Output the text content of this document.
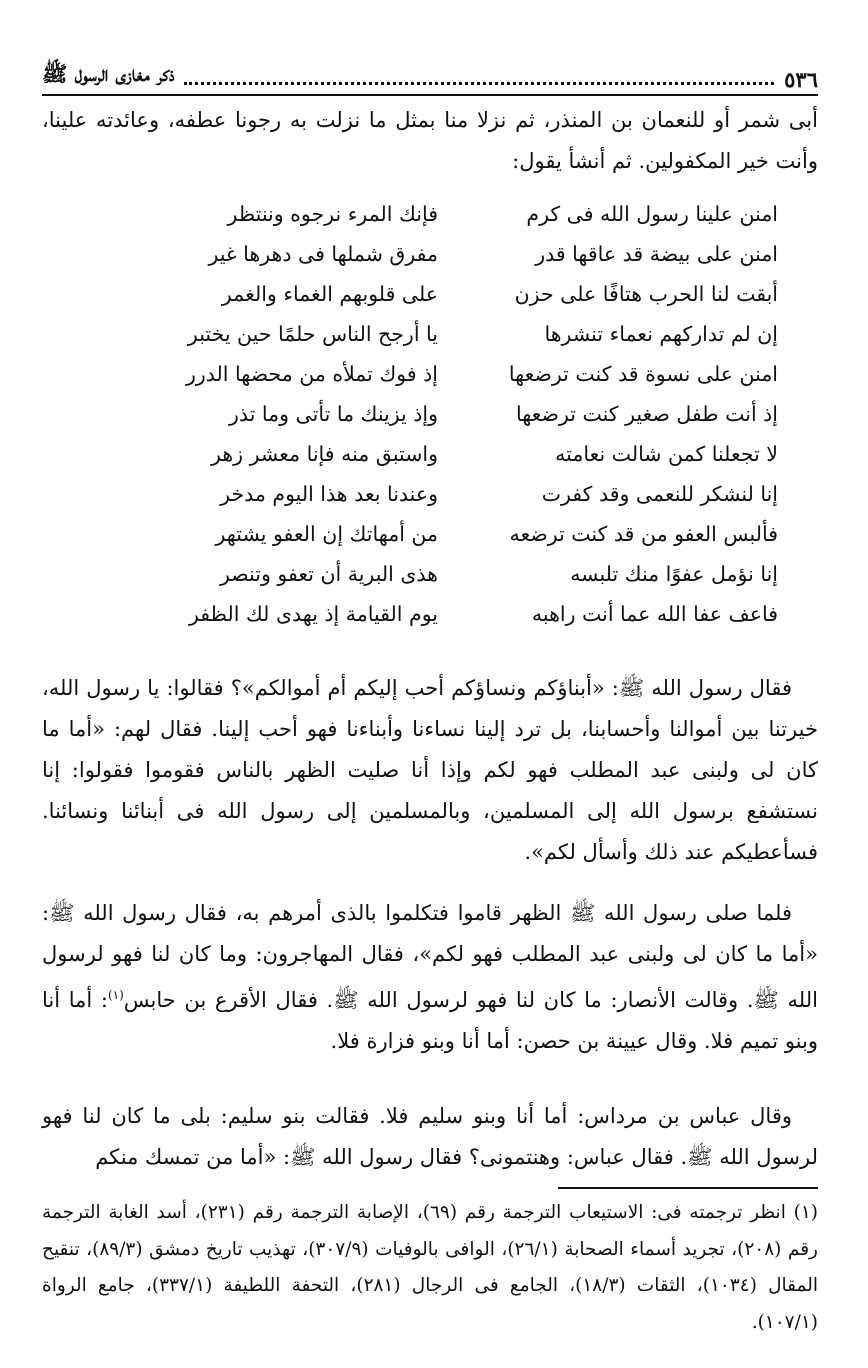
٥٣٦
ذكر مغازى الرسول ﷺ

أبى شمر أو للنعمان بن المنذر، ثم نزلا منا بمثل ما نزلت به رجونا عطفه، وعائدته علينا، وأنت خير المكفولين. ثم أنشأ يقول:

امنن علينا رسول الله فى كرم
فإنك المرء نرجوه وننتظر
امنن على بيضة قد عاقها قدر
مفرق شملها فى دهرها غير
أبقت لنا الحرب هتافًا على حزن
على قلوبهم الغماء والغمر
إن لم تداركهم نعماء تنشرها
يا أرجح الناس حلمًا حين يختبر
امنن على نسوة قد كنت ترضعها
إذ فوك تملأه من محضها الدرر
إذ أنت طفل صغير كنت ترضعها
وإذ يزينك ما تأتى وما تذر
لا تجعلنا كمن شالت نعامته
واستبق منه فإنا معشر زهر
إنا لنشكر للنعمى وقد كفرت
وعندنا بعد هذا اليوم مدخر
فألبس العفو من قد كنت ترضعه
من أمهاتك إن العفو يشتهر
إنا نؤمل عفوًا منك تلبسه
هذى البرية أن تعفو وتنصر
فاعف عفا الله عما أنت راهبه
يوم القيامة إذ يهدى لك الظفر

فقال رسول الله ﷺ: «أبناؤكم ونساؤكم أحب إليكم أم أموالكم»؟ فقالوا: يا رسول الله، خيرتنا بين أموالنا وأحسابنا، بل ترد إلينا نساءنا وأبناءنا فهو أحب إلينا. فقال لهم: «أما ما كان لى ولبنى عبد المطلب فهو لكم وإذا أنا صليت الظهر بالناس فقوموا فقولوا: إنا نستشفع برسول الله إلى المسلمين، وبالمسلمين إلى رسول الله فى أبنائنا ونسائنا. فسأعطيكم عند ذلك وأسأل لكم».

فلما صلى رسول الله ﷺ الظهر قاموا فتكلموا بالذى أمرهم به، فقال رسول الله ﷺ: «أما ما كان لى ولبنى عبد المطلب فهو لكم»، فقال المهاجرون: وما كان لنا فهو لرسول الله ﷺ. وقالت الأنصار: ما كان لنا فهو لرسول الله ﷺ. فقال الأقرع بن حابس$^{(١)}$: أما أنا وبنو تميم فلا. وقال عيينة بن حصن: أما أنا وبنو فزارة فلا.

وقال عباس بن مرداس: أما أنا وبنو سليم فلا. فقالت بنو سليم: بلى ما كان لنا فهو لرسول الله ﷺ. فقال عباس: وهنتمونى؟ فقال رسول الله ﷺ: «أما من تمسك منكم

(١) انظر ترجمته فى: الاستيعاب الترجمة رقم (٦٩)، الإصابة الترجمة رقم (٢٣١)، أسد الغابة الترجمة رقم (٢٠٨)، تجريد أسماء الصحابة (٢٦/١)، الوافى بالوفيات (٣٠٧/٩)، تهذيب تاريخ دمشق (٨٩/٣)، تنقيح المقال (١٠٣٤)، الثقات (١٨/٣)، الجامع فى الرجال (٢٨١)، التحفة اللطيفة (٣٣٧/١)، جامع الرواة (١٠٧/١).
